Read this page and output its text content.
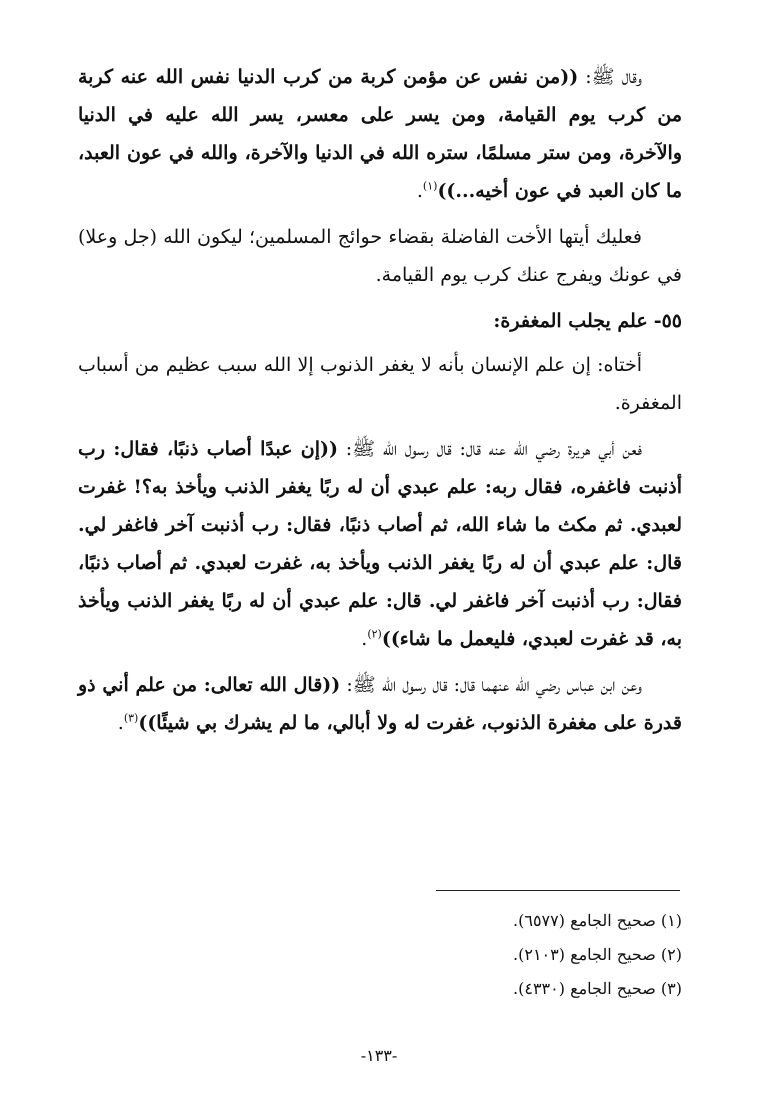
وقال ﷺ: ((من نفس عن مؤمن كربة من كرب الدنيا نفس الله عنه كربة من كرب يوم القيامة، ومن يسر على معسر، يسر الله عليه في الدنيا والآخرة، ومن ستر مسلمًا، ستره الله في الدنيا والآخرة، والله في عون العبد، ما كان العبد في عون أخيه...))$^{(١)}$.

فعليك أيتها الأخت الفاضلة بقضاء حوائج المسلمين؛ ليكون الله (جل وعلا) في عونك ويفرج عنك كرب يوم القيامة.

٥٥-علم يجلب المغفرة:

أختاه: إن علم الإنسان بأنه لا يغفر الذنوب إلا الله سبب عظيم من أسباب المغفرة.

فعن أبي هريرة رضي الله عنه قال: قال رسول الله ﷺ: ((إن عبدًا أصاب ذنبًا، فقال: رب أذنبت فاغفره، فقال ربه: علم عبدي أن له ربًا يغفر الذنب ويأخذ به؟! غفرت لعبدي. ثم مكث ما شاء الله، ثم أصاب ذنبًا، فقال: رب أذنبت آخر فاغفر لي. قال: علم عبدي أن له ربًا يغفر الذنب ويأخذ به، غفرت لعبدي. ثم أصاب ذنبًا، فقال: رب أذنبت آخر فاغفر لي. قال: علم عبدي أن له ربًا يغفر الذنب ويأخذ به، قد غفرت لعبدي، فليعمل ما شاء))$^{(٢)}$.

وعن ابن عباس رضي الله عنهما قال: قال رسول الله ﷺ: ((قال الله تعالى: من علم أني ذو قدرة على مغفرة الذنوب، غفرت له ولا أبالي، ما لم يشرك بي شيئًا))$^{(٣)}$.

(١) صحيح الجامع (٦٥٧٧).

(٢) صحيح الجامع (٢١٠٣).

(٣) صحيح الجامع (٤٣٣٠).

-١٣٣-
